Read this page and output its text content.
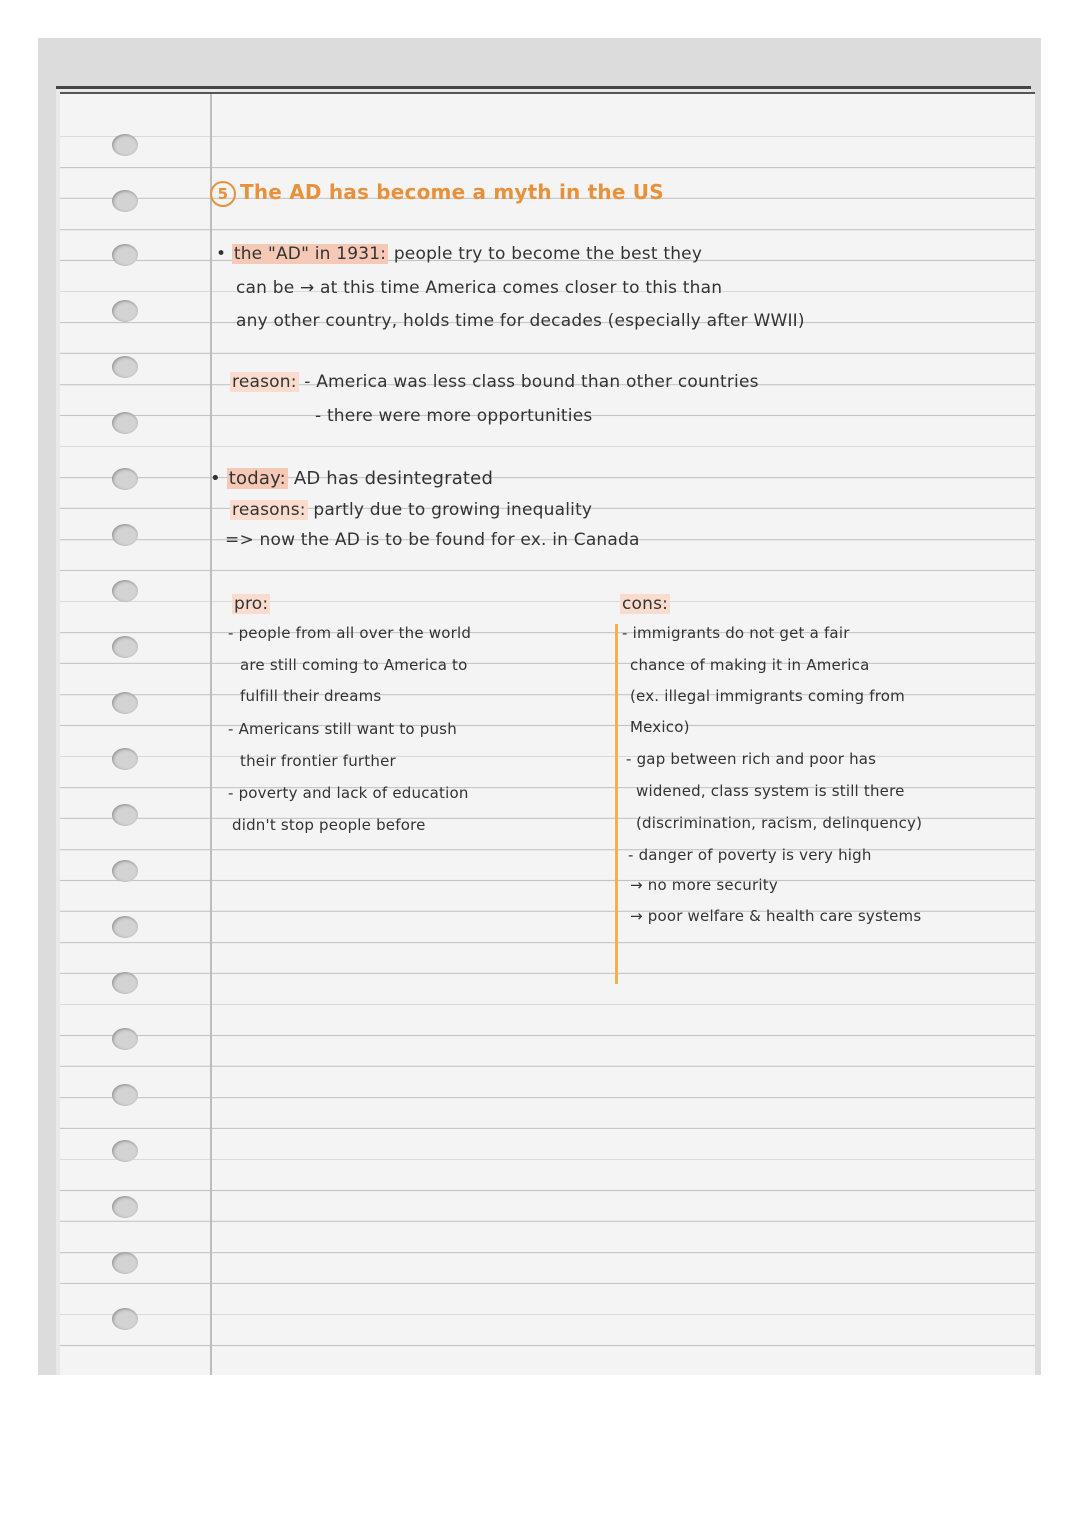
5 The AD has become a myth in the US
• the "AD" in 1931: people try to become the best they
can be → at this time America comes closer to this than
any other country, holds time for decades (especially after WWII)
reason: - America was less class bound than other countries
- there were more opportunities
• today: AD has desintegrated
reasons: partly due to growing inequality
=> now the AD is to be found for ex. in Canada
pro:
- people from all over the world
are still coming to America to
fulfill their dreams
- Americans still want to push
their frontier further
- poverty and lack of education
didn't stop people before
cons:
- immigrants do not get a fair
chance of making it in America
(ex. illegal immigrants coming from
Mexico)
- gap between rich and poor has
widened, class system is still there
(discrimination, racism, delinquency)
- danger of poverty is very high
→ no more security
→ poor welfare & health care systems
